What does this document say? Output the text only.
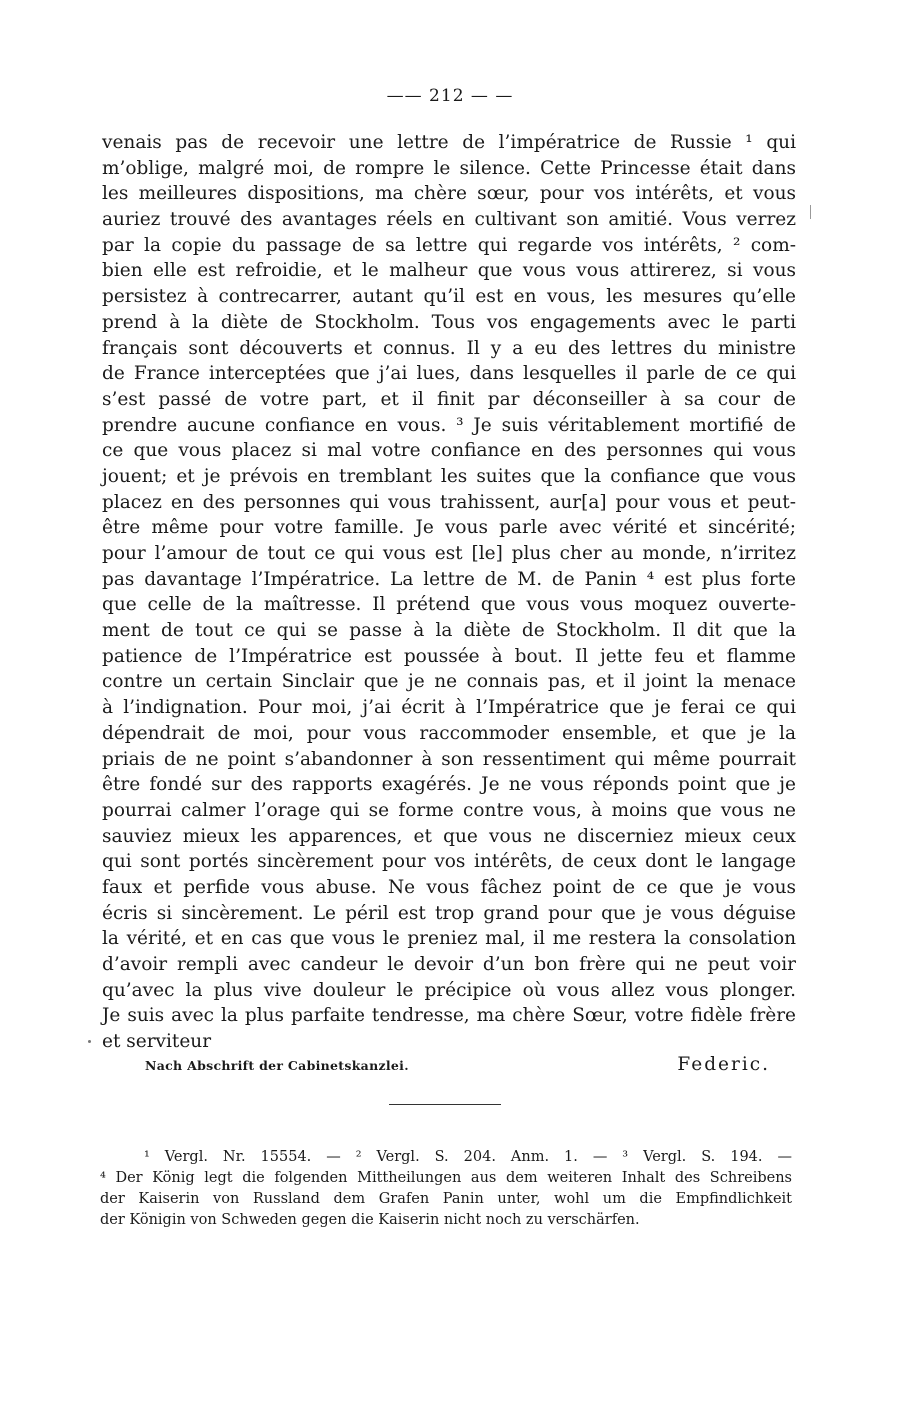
—— 212 — —
venais pas de recevoir une lettre de l’impératrice de Russie ¹ qui
m’oblige, malgré moi, de rompre le silence. Cette Princesse était dans
les meilleures dispositions, ma chère sœur, pour vos intérêts, et vous
auriez trouvé des avantages réels en cultivant son amitié. Vous verrez
par la copie du passage de sa lettre qui regarde vos intérêts, ² com-
bien elle est refroidie, et le malheur que vous vous attirerez, si vous
persistez à contrecarrer, autant qu’il est en vous, les mesures qu’elle
prend à la diète de Stockholm. Tous vos engagements avec le parti
français sont découverts et connus. Il y a eu des lettres du ministre
de France interceptées que j’ai lues, dans lesquelles il parle de ce qui
s’est passé de votre part, et il finit par déconseiller à sa cour de
prendre aucune confiance en vous. ³ Je suis véritablement mortifié de
ce que vous placez si mal votre confiance en des personnes qui vous
jouent; et je prévois en tremblant les suites que la confiance que vous
placez en des personnes qui vous trahissent, aur[a] pour vous et peut-
être même pour votre famille. Je vous parle avec vérité et sincérité;
pour l’amour de tout ce qui vous est [le] plus cher au monde, n’irritez
pas davantage l’Impératrice. La lettre de M. de Panin ⁴ est plus forte
que celle de la maîtresse. Il prétend que vous vous moquez ouverte-
ment de tout ce qui se passe à la diète de Stockholm. Il dit que la
patience de l’Impératrice est poussée à bout. Il jette feu et flamme
contre un certain Sinclair que je ne connais pas, et il joint la menace
à l’indignation. Pour moi, j’ai écrit à l’Impératrice que je ferai ce qui
dépendrait de moi, pour vous raccommoder ensemble, et que je la
priais de ne point s’abandonner à son ressentiment qui même pourrait
être fondé sur des rapports exagérés. Je ne vous réponds point que je
pourrai calmer l’orage qui se forme contre vous, à moins que vous ne
sauviez mieux les apparences, et que vous ne discerniez mieux ceux
qui sont portés sincèrement pour vos intérêts, de ceux dont le langage
faux et perfide vous abuse. Ne vous fâchez point de ce que je vous
écris si sincèrement. Le péril est trop grand pour que je vous déguise
la vérité, et en cas que vous le preniez mal, il me restera la consolation
d’avoir rempli avec candeur le devoir d’un bon frère qui ne peut voir
qu’avec la plus vive douleur le précipice où vous allez vous plonger.
Je suis avec la plus parfaite tendresse, ma chère Sœur, votre fidèle frère
et serviteur
Nach Abschrift der Cabinetskanzlei.	Federic.
¹ Vergl. Nr. 15554. — ² Vergl. S. 204. Anm. 1. — ³ Vergl. S. 194. —
⁴ Der König legt die folgenden Mittheilungen aus dem weiteren Inhalt des Schreibens
der Kaiserin von Russland dem Grafen Panin unter, wohl um die Empfindlichkeit
der Königin von Schweden gegen die Kaiserin nicht noch zu verschärfen.
